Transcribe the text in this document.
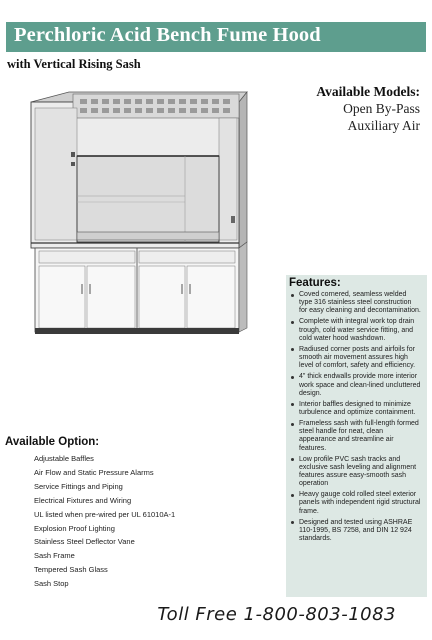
Perchloric Acid Bench Fume Hood
with Vertical Rising Sash
Available Models:
Open By-Pass
Auxiliary Air
Features:
Coved cornered, seamless welded type 316 stainless steel construction for easy cleaning and decontamination.
Complete with integral work top drain trough, cold water service fitting, and cold water hood washdown.
Radiused corner posts and airfoils for smooth air movement assures high level of comfort, safety and efficiency.
4" thick endwalls provide more interior work space and clean-lined uncluttered design.
Interior baffles designed to minimize turbulence and optimize containment.
Frameless sash with full-length formed steel handle for neat, clean appearance and streamline air features.
Low profile PVC sash tracks and exclusive sash leveling and alignment features assure easy-smooth sash operation
Heavy gauge cold rolled steel exterior panels with independent rigid structural frame.
Designed and tested using ASHRAE 110-1995, BS 7258, and DIN 12 924 standards.
Available Option:
Adjustable Baffles
Air Flow and Static Pressure Alarms
Service Fittings and Piping
Electrical Fixtures and Wiring
UL listed when pre-wired per UL 61010A-1
Explosion Proof Lighting
Stainless Steel Deflector Vane
Sash Frame
Tempered Sash Glass
Sash Stop
Toll Free 1-800-803-1083
